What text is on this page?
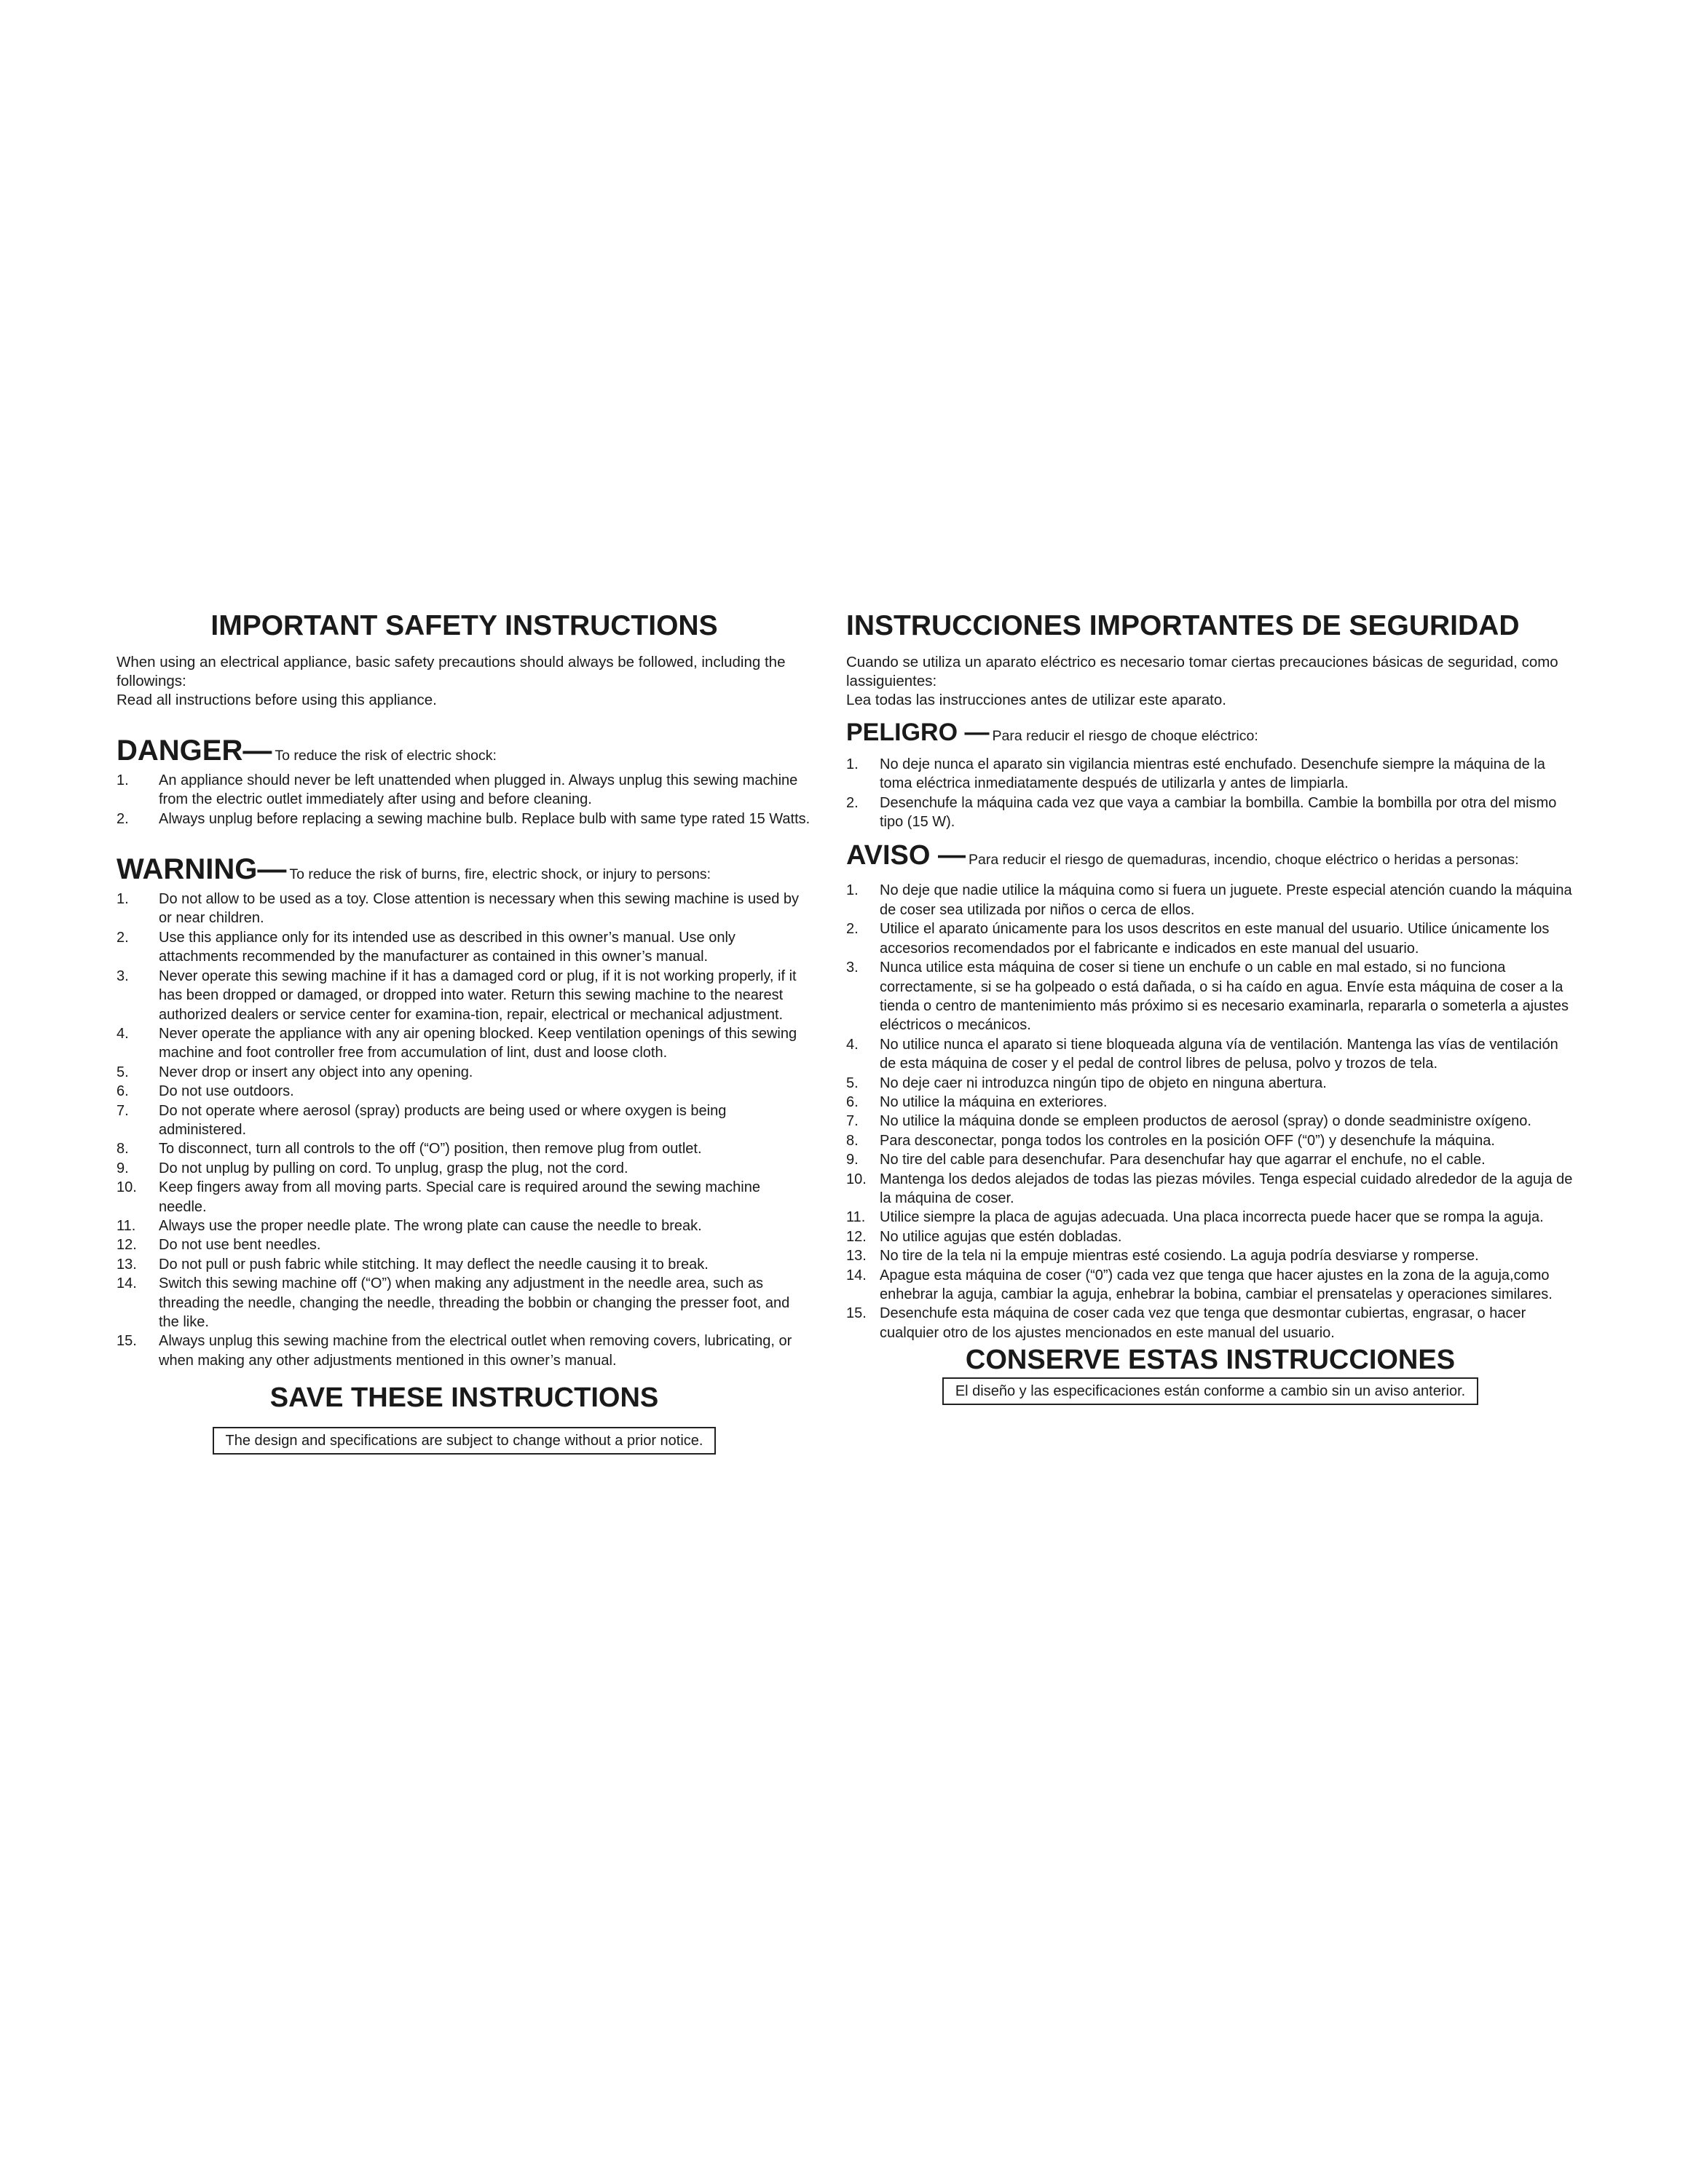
IMPORTANT SAFETY INSTRUCTIONS

When using an electrical appliance, basic safety precautions should always be followed, including the

followings:

Read all instructions before using this appliance.

DANGER— To reduce the risk of electric shock:
1. An appliance should never be left unattended when plugged in. Always unplug this sewing machine from the electric outlet immediately after using and before cleaning.
2. Always unplug before replacing a sewing machine bulb. Replace bulb with same type rated 15 Watts.
WARNING— To reduce the risk of burns, fire, electric shock, or injury to persons:
1. Do not allow to be used as a toy. Close attention is necessary when this sewing machine is used by or near children.
2. Use this appliance only for its intended use as described in this owner’s manual. Use only attachments recommended by the manufacturer as contained in this owner’s manual.
3. Never operate this sewing machine if it has a damaged cord or plug, if it is not working properly, if it has been dropped or damaged, or dropped into water. Return this sewing machine to the nearest authorized dealers or service center for examina-tion, repair, electrical or mechanical adjustment.
4. Never operate the appliance with any air opening blocked. Keep ventilation openings of this sewing machine and foot controller free from accumulation of lint, dust and loose cloth.
5. Never drop or insert any object into any opening.
6. Do not use outdoors.
7. Do not operate where aerosol (spray) products are being used or where oxygen is being administered.
8. To disconnect, turn all controls to the off (“O”) position, then remove plug from outlet.
9. Do not unplug by pulling on cord. To unplug, grasp the plug, not the cord.
10. Keep fingers away from all moving parts. Special care is required around the sewing machine needle.
11. Always use the proper needle plate. The wrong plate can cause the needle to break.
12. Do not use bent needles.
13. Do not pull or push fabric while stitching. It may deflect the needle causing it to break.
14. Switch this sewing machine off (“O”) when making any adjustment in the needle area, such as threading the needle, changing the needle, threading the bobbin or changing the presser foot, and the like.
15. Always unplug this sewing machine from the electrical outlet when removing covers, lubricating, or when making any other adjustments mentioned in this owner’s manual.
SAVE THESE INSTRUCTIONS
The design and specifications are subject to change without a prior notice.
INSTRUCCIONES IMPORTANTES DE SEGURIDAD

Cuando se utiliza un aparato eléctrico es necesario tomar ciertas precauciones básicas de seguridad, como lassiguientes:

Lea todas las instrucciones antes de utilizar este aparato.

PELIGRO — Para reducir el riesgo de choque eléctrico:
1. No deje nunca el aparato sin vigilancia mientras esté enchufado. Desenchufe siempre la máquina de la toma eléctrica inmediatamente después de utilizarla y antes de limpiarla.
2. Desenchufe la máquina cada vez que vaya a cambiar la bombilla. Cambie la bombilla por otra del mismo tipo (15 W).
AVISO — Para reducir el riesgo de quemaduras, incendio, choque eléctrico o heridas a personas:
1. No deje que nadie utilice la máquina como si fuera un juguete. Preste especial atención cuando la máquina de coser sea utilizada por niños o cerca de ellos.
2. Utilice el aparato únicamente para los usos descritos en este manual del usuario. Utilice únicamente los accesorios recomendados por el fabricante e indicados en este manual del usuario.
3. Nunca utilice esta máquina de coser si tiene un enchufe o un cable en mal estado, si no funciona correctamente, si se ha golpeado o está dañada, o si ha caído en agua. Envíe esta máquina de coser a la tienda o centro de mantenimiento más próximo si es necesario examinarla, repararla o someterla a ajustes eléctricos o mecánicos.
4. No utilice nunca el aparato si tiene bloqueada alguna vía de ventilación. Mantenga las vías de ventilación de esta máquina de coser y el pedal de control libres de pelusa, polvo y trozos de tela.
5. No deje caer ni introduzca ningún tipo de objeto en ninguna abertura.
6. No utilice la máquina en exteriores.
7. No utilice la máquina donde se empleen productos de aerosol (spray) o donde seadministre oxígeno.
8. Para desconectar, ponga todos los controles en la posición OFF (“0”) y desenchufe la máquina.
9. No tire del cable para desenchufar. Para desenchufar hay que agarrar el enchufe, no el cable.
10. Mantenga los dedos alejados de todas las piezas móviles. Tenga especial cuidado alrededor de la aguja de la máquina de coser.
11. Utilice siempre la placa de agujas adecuada. Una placa incorrecta puede hacer que se rompa la aguja.
12. No utilice agujas que estén dobladas.
13. No tire de la tela ni la empuje mientras esté cosiendo. La aguja podría desviarse y romperse.
14. Apague esta máquina de coser (“0”) cada vez que tenga que hacer ajustes en la zona de la aguja,como enhebrar la aguja, cambiar la aguja, enhebrar la bobina, cambiar el prensatelas y operaciones similares.
15. Desenchufe esta máquina de coser cada vez que tenga que desmontar cubiertas, engrasar, o hacer cualquier otro de los ajustes mencionados en este manual del usuario.
CONSERVE ESTAS INSTRUCCIONES
El diseño y las especificaciones están conforme a cambio sin un aviso anterior.
